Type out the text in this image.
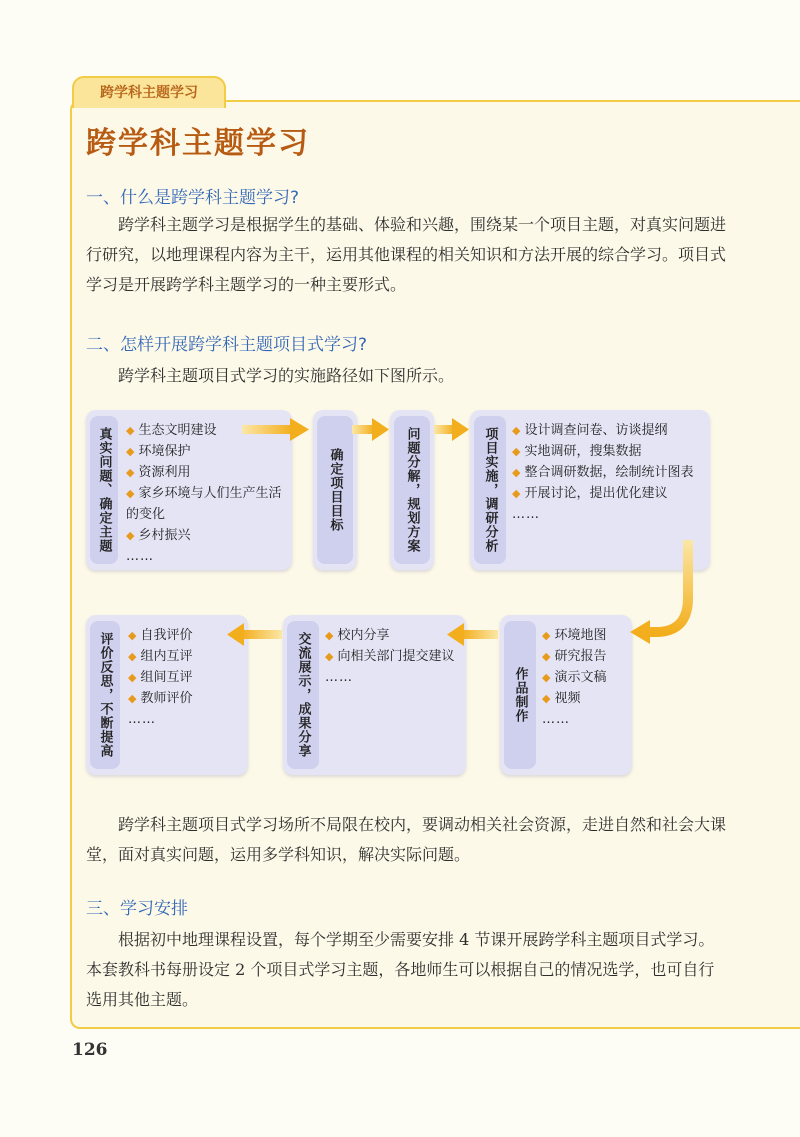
跨学科主题学习
跨学科主题学习
一、什么是跨学科主题学习?

跨学科主题学习是根据学生的基础、体验和兴趣，围绕某一个项目主题，对真实问题进行研究，以地理课程内容为主干，运用其他课程的相关知识和方法开展的综合学习。项目式学习是开展跨学科主题学习的一种主要形式。

二、怎样开展跨学科主题项目式学习?

跨学科主题项目式学习的实施路径如下图所示。

真实问题、确定主题	◆ 生态文明建设
◆ 环境保护
◆ 资源利用
◆ 家乡环境与人们生产生活的变化
◆ 乡村振兴
……
确定项目目标	问题分解，规划方案	项目实施，调研分析	◆ 设计调查问卷、访谈提纲
◆ 实地调研，搜集数据
◆ 整合调研数据，绘制统计图表
◆ 开展讨论，提出优化建议
……
评价反思，不断提高	◆ 自我评价
◆ 组内互评
◆ 组间互评
◆ 教师评价
……	交流展示，成果分享	◆ 校内分享
◆ 向相关部门提交建议
……	作品制作
◆ 环境地图
◆ 研究报告
◆ 演示文稿
◆ 视频
……

跨学科主题项目式学习场所不局限在校内，要调动相关社会资源，走进自然和社会大课堂，面对真实问题，运用多学科知识，解决实际问题。

三、学习安排

根据初中地理课程设置，每个学期至少需要安排 4 节课开展跨学科主题项目式学习。本套教科书每册设定 2 个项目式学习主题，各地师生可以根据自己的情况选学，也可自行选用其他主题。

126
